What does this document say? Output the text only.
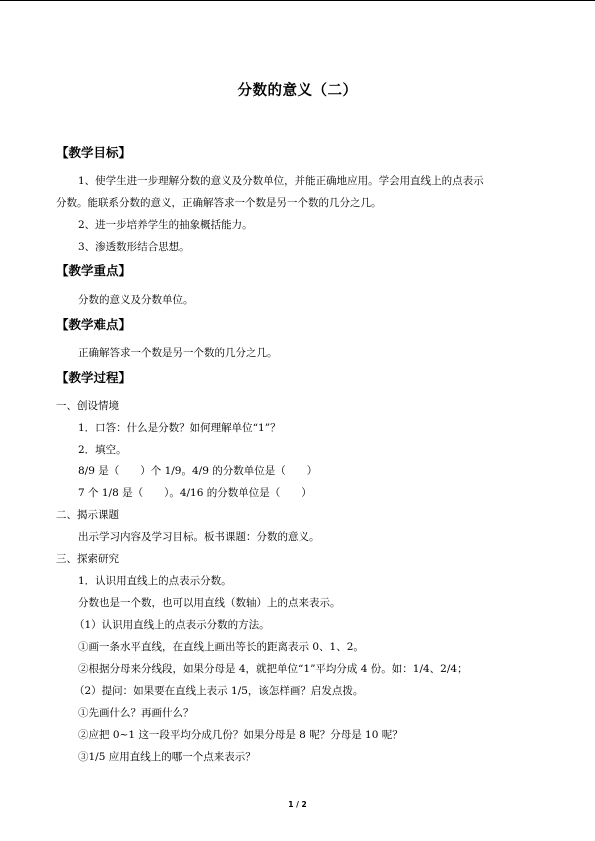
分数的意义（二）
【教学目标】
1、使学生进一步理解分数的意义及分数单位，并能正确地应用。学会用直线上的点表示
分数。能联系分数的意义，正确解答求一个数是另一个数的几分之几。
2、进一步培养学生的抽象概括能力。
3、渗透数形结合思想。
【教学重点】
分数的意义及分数单位。
【教学难点】
正确解答求一个数是另一个数的几分之几。
【教学过程】
一、创设情境
1．口答：什么是分数？如何理解单位“1”？
2．填空。
8/9 是（　　）个 1/9。4/9 的分数单位是（　　）
7 个 1/8 是（　　）。4/16 的分数单位是（　　）
二、揭示课题
出示学习内容及学习目标。板书课题：分数的意义。
三、探索研究
1．认识用直线上的点表示分数。
分数也是一个数，也可以用直线（数轴）上的点来表示。
（1）认识用直线上的点表示分数的方法。
①画一条水平直线，在直线上画出等长的距离表示 0、1、2。
②根据分母来分线段，如果分母是 4，就把单位“1”平均分成 4 份。如：1/4、2/4；
（2）提问：如果要在直线上表示 1/5，该怎样画？启发点拨。
①先画什么？再画什么？
②应把 0~1 这一段平均分成几份？如果分母是 8 呢？分母是 10 呢？
③1/5 应用直线上的哪一个点来表示？
1 / 2
